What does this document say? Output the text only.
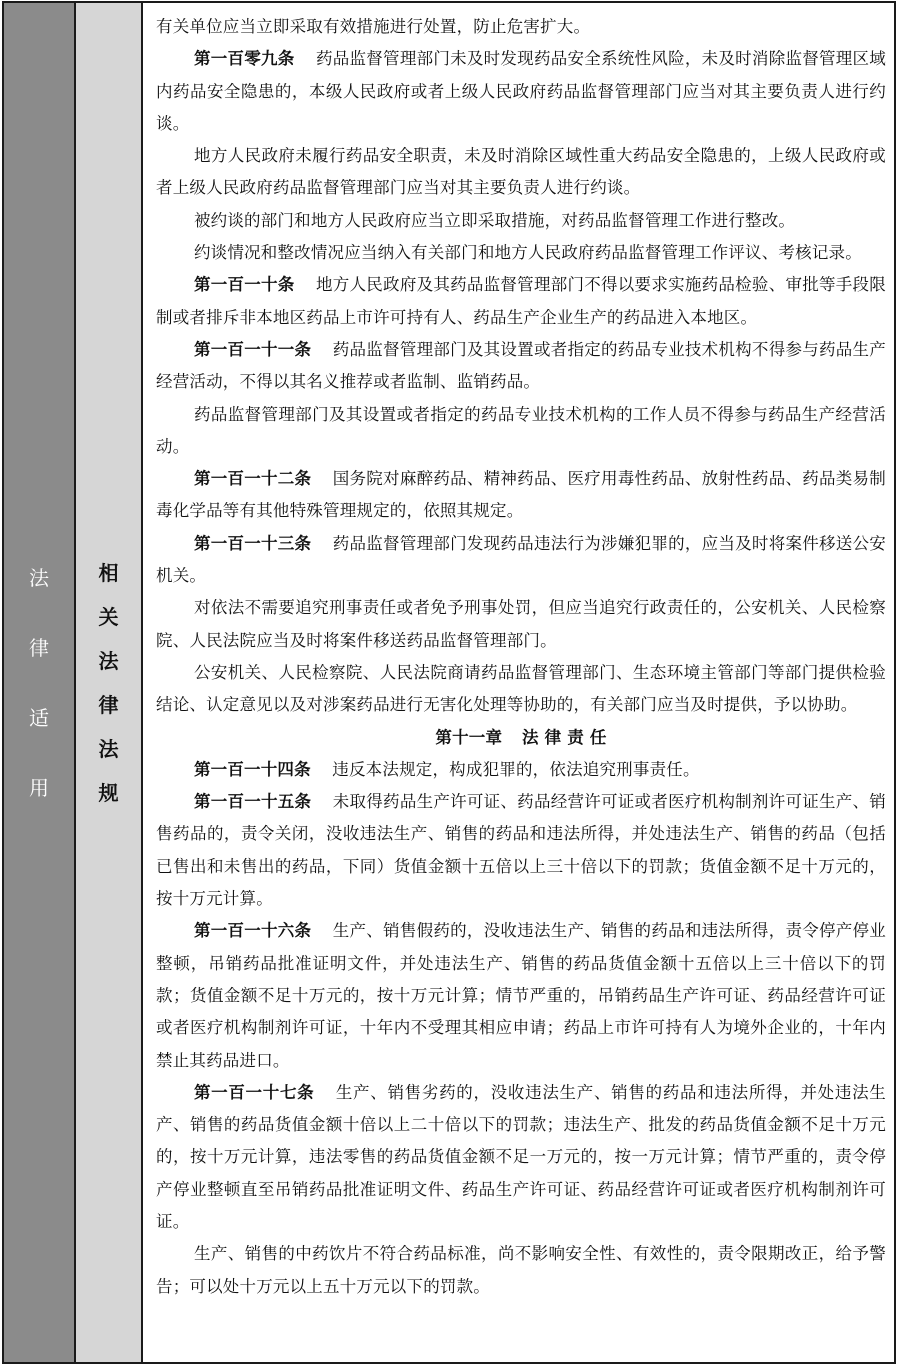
法
律
适
用
相
关
法
律
法
规

有关单位应当立即采取有效措施进行处置，防止危害扩大。

第一百零九条 药品监督管理部门未及时发现药品安全系统性风险，未及时消除监督管理区域内药品安全隐患的，本级人民政府或者上级人民政府药品监督管理部门应当对其主要负责人进行约谈。

地方人民政府未履行药品安全职责，未及时消除区域性重大药品安全隐患的，上级人民政府或者上级人民政府药品监督管理部门应当对其主要负责人进行约谈。

被约谈的部门和地方人民政府应当立即采取措施，对药品监督管理工作进行整改。

约谈情况和整改情况应当纳入有关部门和地方人民政府药品监督管理工作评议、考核记录。

第一百一十条 地方人民政府及其药品监督管理部门不得以要求实施药品检验、审批等手段限制或者排斥非本地区药品上市许可持有人、药品生产企业生产的药品进入本地区。

第一百一十一条 药品监督管理部门及其设置或者指定的药品专业技术机构不得参与药品生产经营活动，不得以其名义推荐或者监制、监销药品。

药品监督管理部门及其设置或者指定的药品专业技术机构的工作人员不得参与药品生产经营活动。

第一百一十二条 国务院对麻醉药品、精神药品、医疗用毒性药品、放射性药品、药品类易制毒化学品等有其他特殊管理规定的，依照其规定。

第一百一十三条 药品监督管理部门发现药品违法行为涉嫌犯罪的，应当及时将案件移送公安机关。

对依法不需要追究刑事责任或者免予刑事处罚，但应当追究行政责任的，公安机关、人民检察院、人民法院应当及时将案件移送药品监督管理部门。

公安机关、人民检察院、人民法院商请药品监督管理部门、生态环境主管部门等部门提供检验结论、认定意见以及对涉案药品进行无害化处理等协助的，有关部门应当及时提供，予以协助。

第十一章 法 律 责 任

第一百一十四条 违反本法规定，构成犯罪的，依法追究刑事责任。

第一百一十五条 未取得药品生产许可证、药品经营许可证或者医疗机构制剂许可证生产、销售药品的，责令关闭，没收违法生产、销售的药品和违法所得，并处违法生产、销售的药品（包括已售出和未售出的药品，下同）货值金额十五倍以上三十倍以下的罚款；货值金额不足十万元的，按十万元计算。

第一百一十六条 生产、销售假药的，没收违法生产、销售的药品和违法所得，责令停产停业整顿，吊销药品批准证明文件，并处违法生产、销售的药品货值金额十五倍以上三十倍以下的罚款；货值金额不足十万元的，按十万元计算；情节严重的，吊销药品生产许可证、药品经营许可证或者医疗机构制剂许可证，十年内不受理其相应申请；药品上市许可持有人为境外企业的，十年内禁止其药品进口。

第一百一十七条 生产、销售劣药的，没收违法生产、销售的药品和违法所得，并处违法生产、销售的药品货值金额十倍以上二十倍以下的罚款；违法生产、批发的药品货值金额不足十万元的，按十万元计算，违法零售的药品货值金额不足一万元的，按一万元计算；情节严重的，责令停产停业整顿直至吊销药品批准证明文件、药品生产许可证、药品经营许可证或者医疗机构制剂许可证。

生产、销售的中药饮片不符合药品标准，尚不影响安全性、有效性的，责令限期改正，给予警告；可以处十万元以上五十万元以下的罚款。
